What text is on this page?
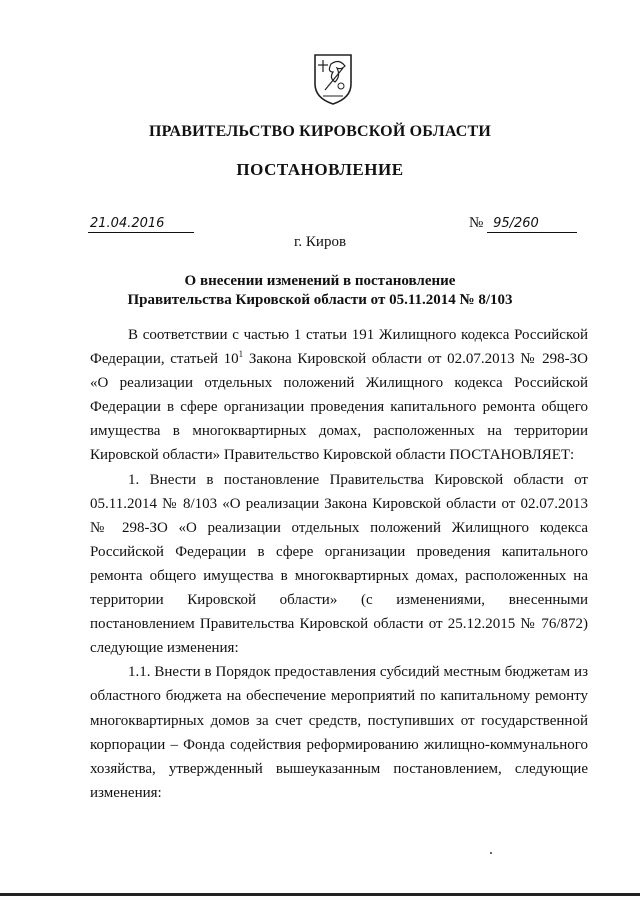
ПРАВИТЕЛЬСТВО КИРОВСКОЙ ОБЛАСТИ
ПОСТАНОВЛЕНИЕ
21.04.2016	№ 95/260
г. Киров
О внесении изменений в постановление
Правительства Кировской области от 05.11.2014 № 8/103

В соответствии с частью 1 статьи 191 Жилищного кодекса Российской Федерации, статьей $10^1$ Закона Кировской области от 02.07.2013 № 298-ЗО «О реализации отдельных положений Жилищного кодекса Российской Федерации в сфере организации проведения капитального ремонта общего имущества в многоквартирных домах, расположенных на территории Кировской области» Правительство Кировской области ПОСТАНОВЛЯЕТ:

1. Внести в постановление Правительства Кировской области от 05.11.2014 № 8/103 «О реализации Закона Кировской области от 02.07.2013 № 298-ЗО «О реализации отдельных положений Жилищного кодекса Российской Федерации в сфере организации проведения капитального ремонта общего имущества в многоквартирных домах, расположенных на территории Кировской области» (с изменениями, внесенными постановлением Правительства Кировской области от 25.12.2015 № 76/872) следующие изменения:

1.1. Внести в Порядок предоставления субсидий местным бюджетам из областного бюджета на обеспечение мероприятий по капитальному ремонту многоквартирных домов за счет средств, поступивших от государственной корпорации – Фонда содействия реформированию жилищно-коммунального хозяйства, утвержденный вышеуказанным постановлением, следующие изменения:
